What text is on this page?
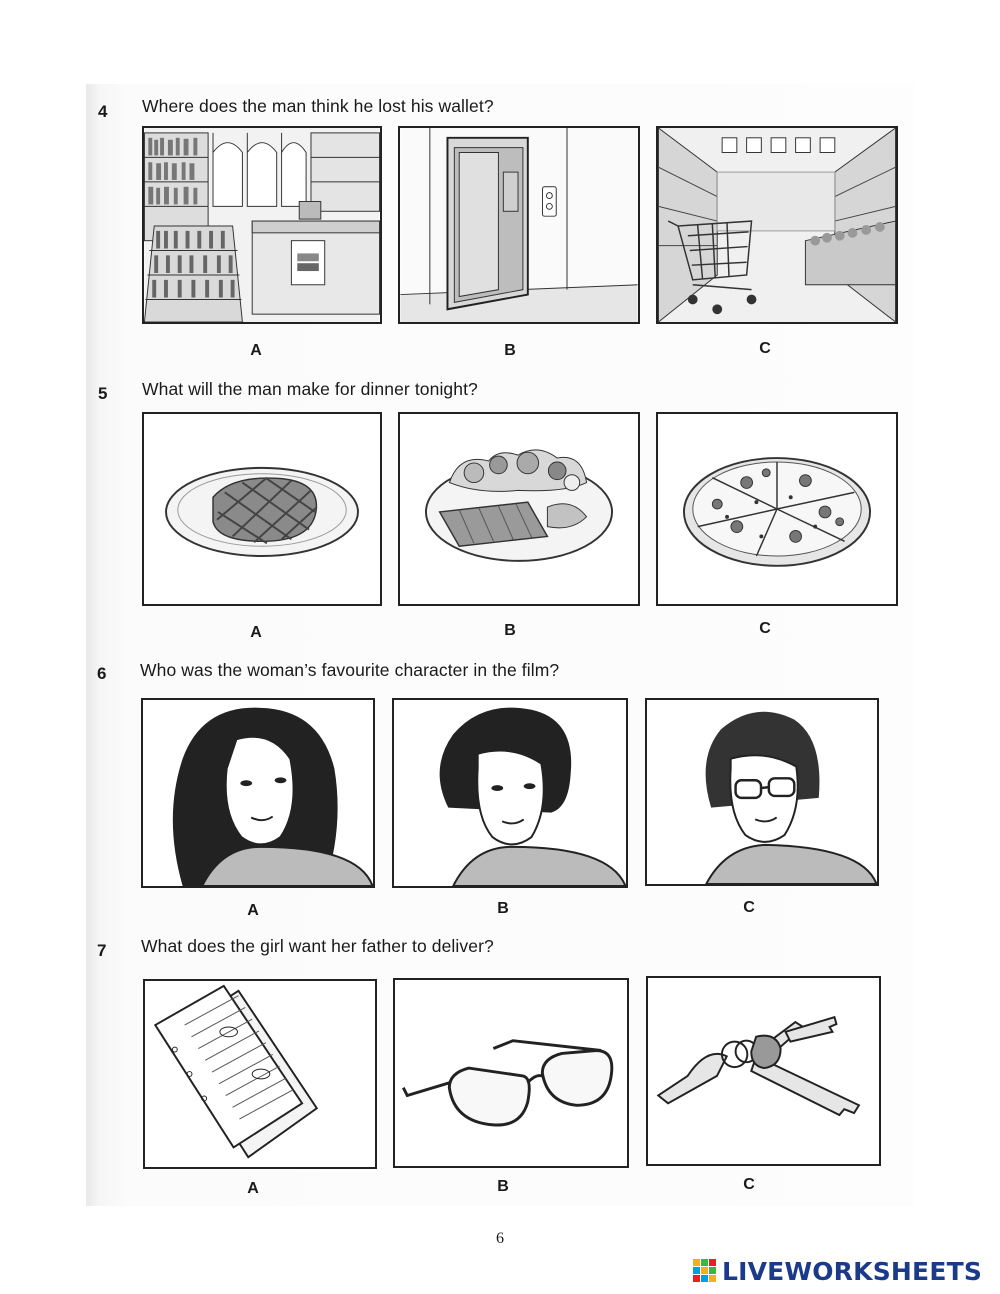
4 Where does the man think he lost his wallet?
A	B	C
5 What will the man make for dinner tonight?
A	B	C
6 Who was the woman’s favourite character in the film?
A	B	C
7 What does the girl want her father to deliver?
A	B	C
6
LIVEWORKSHEETS
